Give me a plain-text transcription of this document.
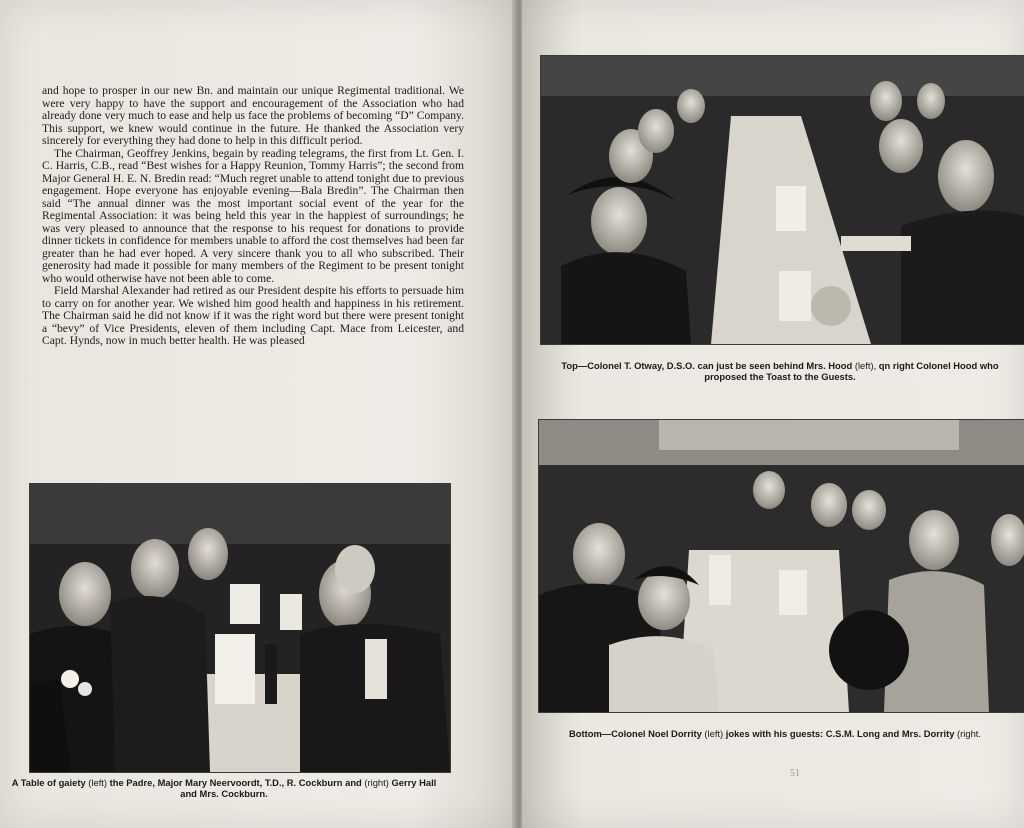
and hope to prosper in our new Bn. and maintain our unique Regimental traditional. We were very happy to have the support and encouragement of the Association who had already done very much to ease and help us face the problems of becoming “D” Company. This support, we knew would continue in the future. He thanked the Association very sincerely for everything they had done to help in this difficult period.

The Chairman, Geoffrey Jenkins, begain by reading telegrams, the first from Lt. Gen. I. C. Harris, C.B., read “Best wishes for a Happy Reunion, Tommy Harris”; the second from Major General H. E. N. Bredin read: “Much regret unable to attend tonight due to previous engagement. Hope everyone has enjoyable evening—Bala Bredin”. The Chairman then said “The annual dinner was the most important social event of the year for the Regimental Association: it was being held this year in the happiest of surroundings; he was very pleased to announce that the response to his request for donations to provide dinner tickets in confidence for members unable to afford the cost themselves had been far greater than he had ever hoped. A very sincere thank you to all who subscribed. Their generosity had made it possible for many members of the Regiment to be present tonight who would otherwise have not been able to come.

Field Marshal Alexander had retired as our President despite his efforts to persuade him to carry on for another year. We wished him good health and happiness in his retirement. The Chairman said he did not know if it was the right word but there were present tonight a “bevy” of Vice Presidents, eleven of them including Capt. Mace from Leicester, and Capt. Hynds, now in much better health. He was pleased

A Table of gaiety (left) the Padre, Major Mary Neervoordt, T.D., R. Cockburn and (right) Gerry Hall and Mrs. Cockburn.
Top—Colonel T. Otway, D.S.O. can just be seen behind Mrs. Hood (left), qn right Colonel Hood who proposed the Toast to the Guests.
Bottom—Colonel Noel Dorrity (left) jokes with his guests: C.S.M. Long and Mrs. Dorrity (right.
51
